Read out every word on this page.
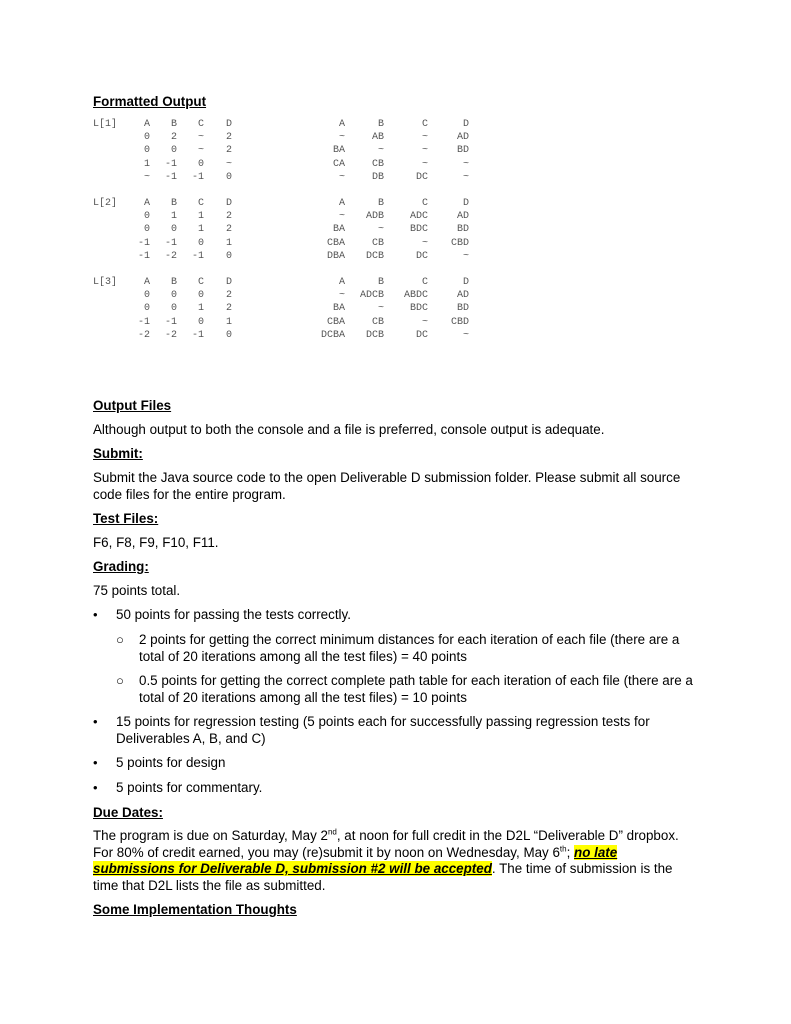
Formatted Output
L[1]	A	B	C	D
0	2	~	2
0	0	~	2
1	-1	0	~
~	-1	-1	0
A	B	C	D
~	AB	~	AD
BA	~	~	BD
CA	CB	~	~
~	DB	DC	~
L[2]	A	B	C	D
0	1	1	2
0	0	1	2
-1	-1	0	1
-1	-2	-1	0
A	B	C	D
~	ADB	ADC	AD
BA	~	BDC	BD
CBA	CB	~	CBD
DBA	DCB	DC	~
L[3]	A	B	C	D
0	0	0	2
0	0	1	2
-1	-1	0	1
-2	-2	-1	0
A	B	C	D
~	ADCB	ABDC	AD
BA	~	BDC	BD
CBA	CB	~	CBD
DCBA	DCB	DC	~
Output Files
Although output to both the console and a file is preferred, console output is adequate.
Submit:
Submit the Java source code to the open Deliverable D submission folder. Please submit all source code files for the entire program.
Test Files:
F6, F8, F9, F10, F11.
Grading:
75 points total.
• 50 points for passing the tests correctly.
○ 2 points for getting the correct minimum distances for each iteration of each file (there are a total of 20 iterations among all the test files) = 40 points
○ 0.5 points for getting the correct complete path table for each iteration of each file (there are a total of 20 iterations among all the test files) = 10 points
• 15 points for regression testing (5 points each for successfully passing regression tests for Deliverables A, B, and C)
• 5 points for design
• 5 points for commentary.
Due Dates:
The program is due on Saturday, May 2nd, at noon for full credit in the D2L “Deliverable D” dropbox. For 80% of credit earned, you may (re)submit it by noon on Wednesday, May 6th; no late submissions for Deliverable D, submission #2 will be accepted. The time of submission is the time that D2L lists the file as submitted.
Some Implementation Thoughts
